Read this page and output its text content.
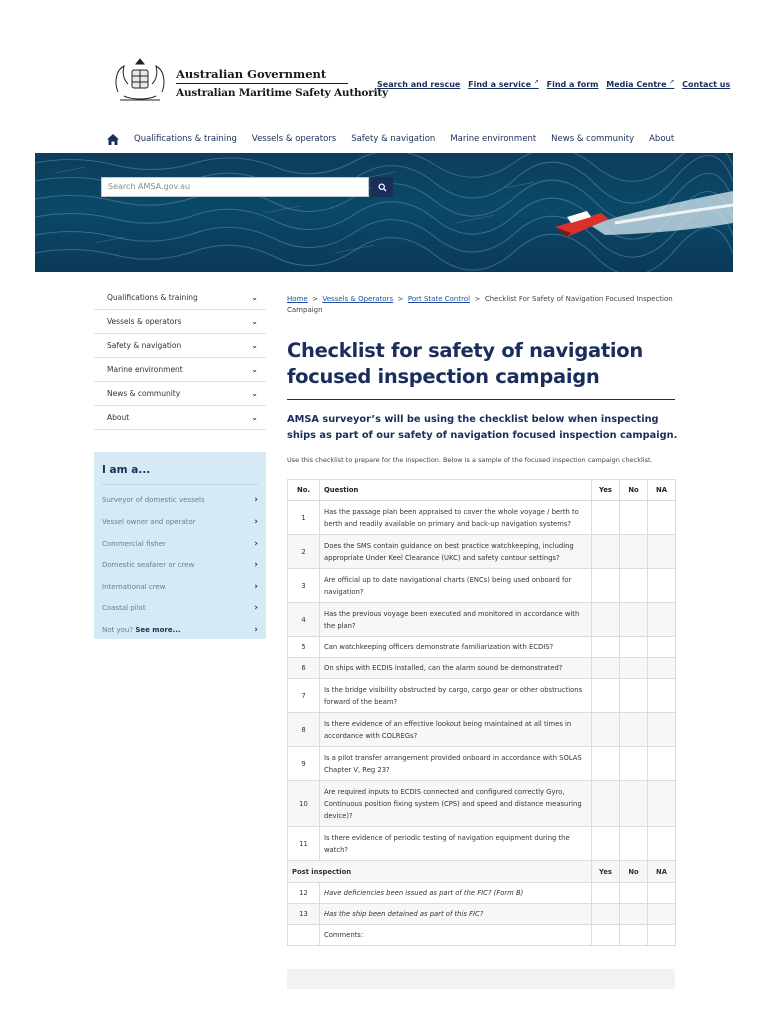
Australian Government
Australian Maritime Safety Authority
Search and rescue Find a service ↗ Find a form Media Centre ↗ Contact us
Qualifications & training Vessels & operators Safety & navigation Marine environment News & community About
Search AMSA.gov.au
Qualifications & training	⌄
Vessels & operators	⌄
Safety & navigation	⌄
Marine environment	⌄
News & community	⌄
About	⌄
I am a...
Surveyor of domestic vessels	›
Vessel owner and operator	›
Commercial fisher	›
Domestic seafarer or crew	›
International crew	›
Coastal pilot	›
Not you? See more...	›
Home > Vessels & Operators > Port State Control > Checklist For Safety of Navigation Focused Inspection Campaign
Checklist for safety of navigation focused inspection campaign
AMSA surveyor’s will be using the checklist below when inspecting ships as part of our safety of navigation focused inspection campaign.
Use this checklist to prepare for the inspection. Below is a sample of the focused inspection campaign checklist.
No.	Question	Yes	No	NA
1	Has the passage plan been appraised to cover the whole voyage / berth to berth and readily available on primary and back-up navigation systems?			
2	Does the SMS contain guidance on best practice watchkeeping, including appropriate Under Keel Clearance (UKC) and safety contour settings?			
3	Are official up to date navigational charts (ENCs) being used onboard for navigation?			
4	Has the previous voyage been executed and monitored in accordance with the plan?			
5	Can watchkeeping officers demonstrate familiarization with ECDIS?			
6	On ships with ECDIS installed, can the alarm sound be demonstrated?			
7	Is the bridge visibility obstructed by cargo, cargo gear or other obstructions forward of the beam?			
8	Is there evidence of an effective lookout being maintained at all times in accordance with COLREGs?			
9	Is a pilot transfer arrangement provided onboard in accordance with SOLAS Chapter V, Reg 23?			
10	Are required inputs to ECDIS connected and configured correctly Gyro, Continuous position fixing system (CPS) and speed and distance measuring device)?			
11	Is there evidence of periodic testing of navigation equipment during the watch?			
Post inspection		Yes	No	NA
12	Have deficiencies been issued as part of the FIC? (Form B)			
13	Has the ship been detained as part of this FIC?			
	Comments:			
